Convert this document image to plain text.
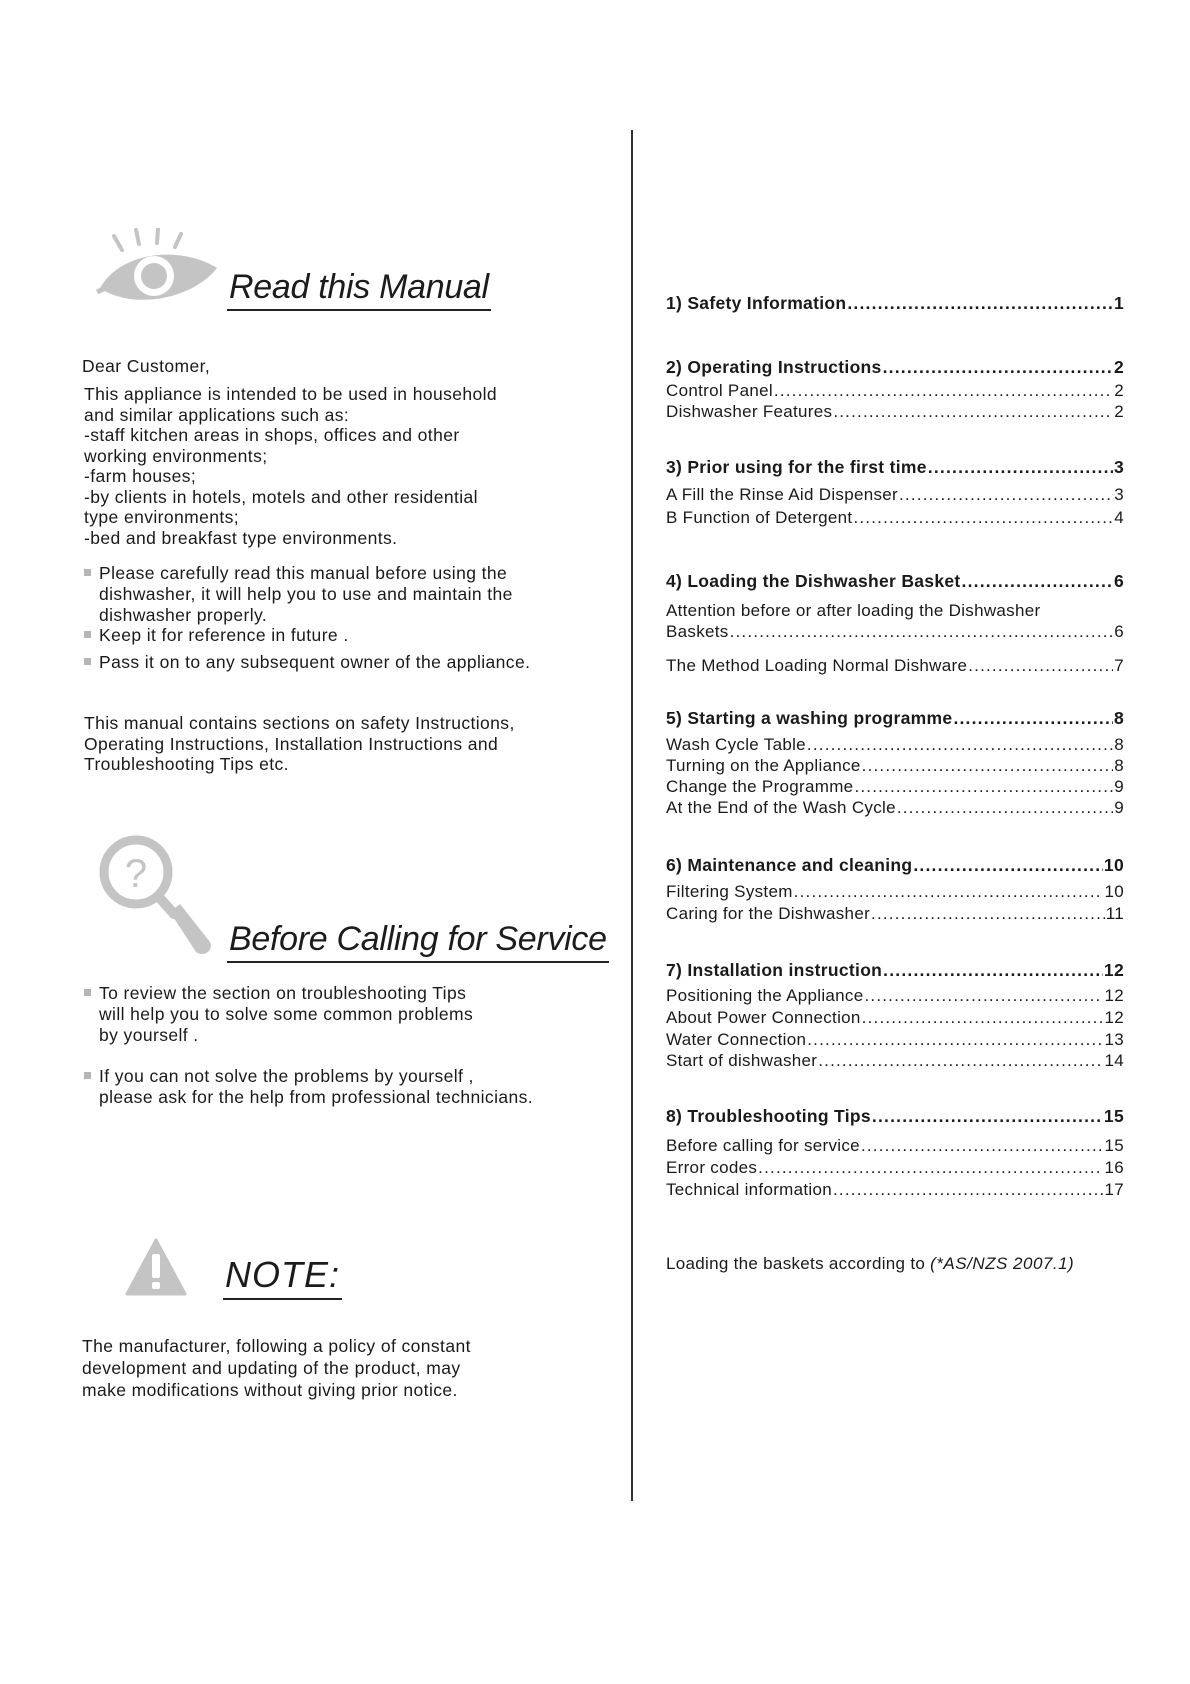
Read this Manual
Dear Customer,
This appliance is intended to be used in household
and similar applications such as:
-staff kitchen areas in shops, offices and other
working environments;
-farm houses;
-by clients in hotels, motels and other residential
type environments;
-bed and breakfast type environments.
Please carefully read this manual before using the
dishwasher, it will help you to use and maintain the
dishwasher properly.
Keep it for reference in future .
Pass it on to any subsequent owner of the appliance.
This manual contains sections on safety Instructions,
Operating Instructions, Installation Instructions and
Troubleshooting Tips etc.
?
Before Calling for Service
To review the section on troubleshooting Tips
will help you to solve some common problems
by yourself .
If you can not solve the problems by yourself ,
please ask for the help from professional technicians.
NOTE:
The manufacturer, following a policy of constant
development and updating of the product, may
make modifications without giving prior notice.
1) Safety Information .....	1
2) Operating Instructions .....	2
Control Panel .....	2
Dishwasher Features .....	2
3) Prior using for the first time .....	3
A Fill the Rinse Aid Dispenser .....	3
B Function of Detergent .....	4
4) Loading the Dishwasher Basket .....	6
Attention before or after loading the Dishwasher
Baskets .....	6
The Method Loading Normal Dishware .....	7
5) Starting a washing programme .....	8
Wash Cycle Table .....	8
Turning on the Appliance .....	8
Change the Programme .....	9
At the End of the Wash Cycle .....	9
6) Maintenance and cleaning .....	10
Filtering System .....	10
Caring for the Dishwasher .....	11
7) Installation instruction .....	12
Positioning the Appliance .....	12
About Power Connection .....	12
Water Connection .....	13
Start of dishwasher .....	14
8) Troubleshooting Tips .....	15
Before calling for service .....	15
Error codes .....	16
Technical information .....	17
Loading the baskets according to (*AS/NZS 2007.1)
